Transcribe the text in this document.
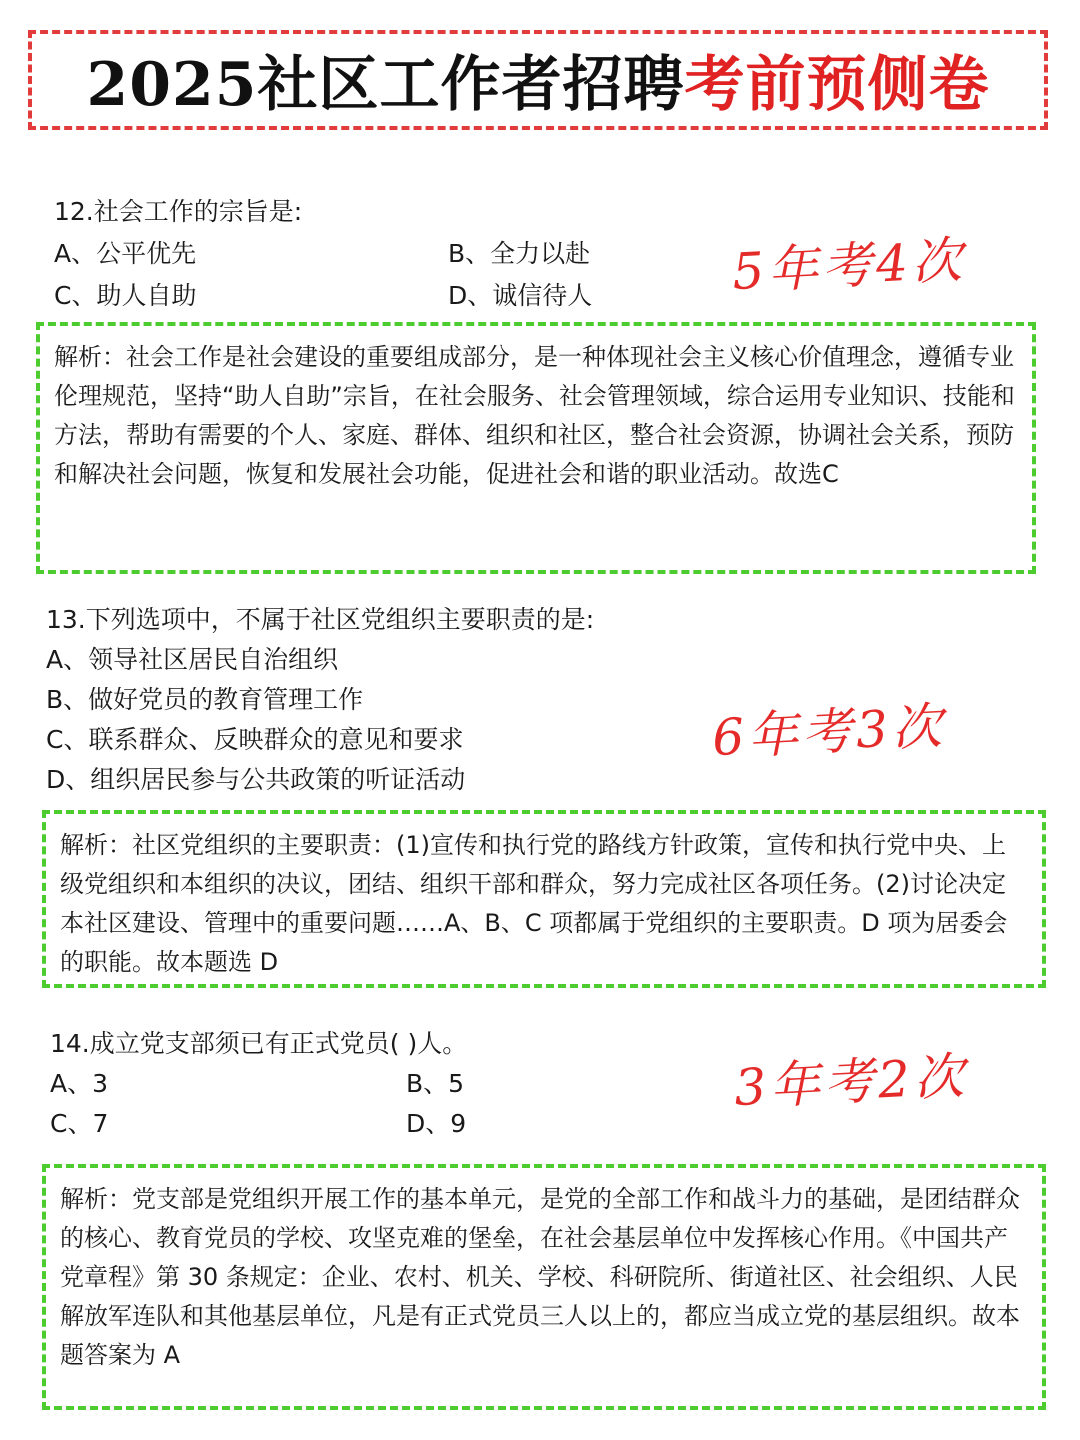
2025社区工作者招聘考前预侧卷
12.社会工作的宗旨是:
A、公平优先	B、全力以赴
C、助人自助	D、诚信待人	5年考4次
解析：社会工作是社会建设的重要组成部分，是一种体现社会主义核心价值理念，遵循专业伦理规范，坚持“助人自助”宗旨，在社会服务、社会管理领域，综合运用专业知识、技能和方法，帮助有需要的个人、家庭、群体、组织和社区，整合社会资源，协调社会关系，预防和解决社会问题，恢复和发展社会功能，促进社会和谐的职业活动。故选C
13.下列选项中，不属于社区党组织主要职责的是:
A、领导社区居民自治组织
B、做好党员的教育管理工作
C、联系群众、反映群众的意见和要求
D、组织居民参与公共政策的听证活动
6年考3次
解析：社区党组织的主要职责：(1)宣传和执行党的路线方针政策，宣传和执行党中央、上级党组织和本组织的决议，团结、组织干部和群众，努力完成社区各项任务。(2)讨论决定本社区建设、管理中的重要问题……A、B、C 项都属于党组织的主要职责。D 项为居委会的职能。故本题选 D
14.成立党支部须已有正式党员( )人。
A、3	B、5
C、7	D、9
3年考2次
解析：党支部是党组织开展工作的基本单元，是党的全部工作和战斗力的基础，是团结群众的核心、教育党员的学校、攻坚克难的堡垒，在社会基层单位中发挥核心作用。《中国共产党章程》第 30 条规定：企业、农村、机关、学校、科研院所、街道社区、社会组织、人民解放军连队和其他基层单位，凡是有正式党员三人以上的，都应当成立党的基层组织。故本题答案为 A
